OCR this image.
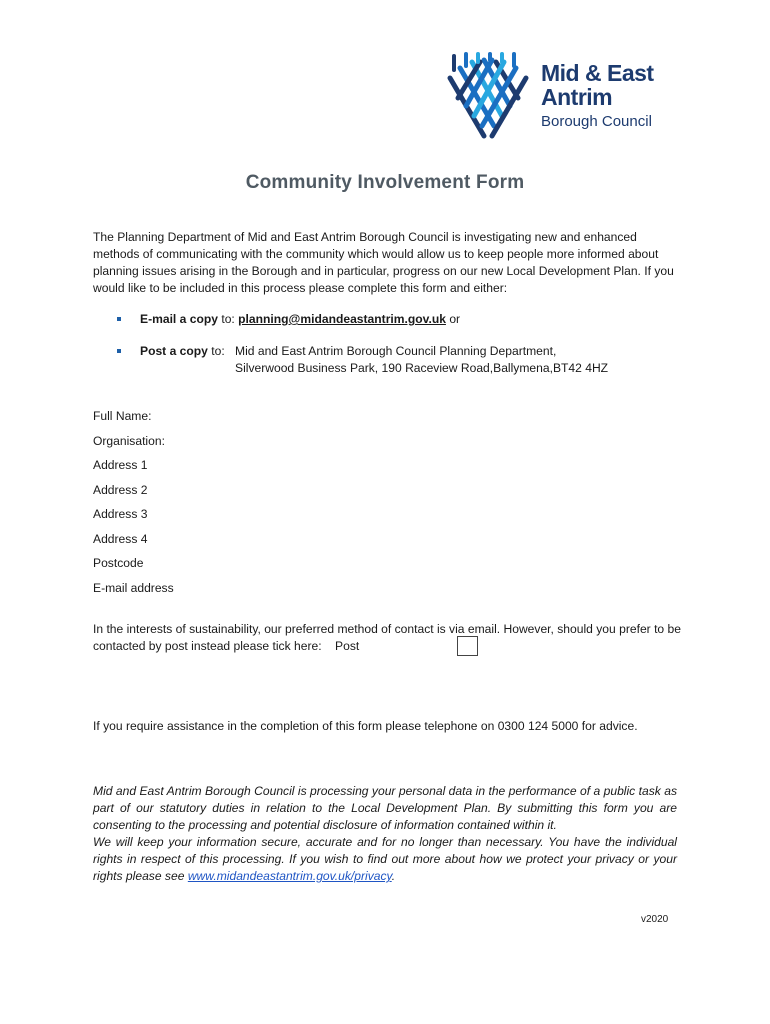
Mid & East
Antrim
Borough Council
Community Involvement Form

The Planning Department of Mid and East Antrim Borough Council is investigating new and enhanced methods of communicating with the community which would allow us to keep people more informed about planning issues arising in the Borough and in particular, progress on our new Local Development Plan. If you would like to be included in this process please complete this form and either:

E-mail a copy to: planning@midandeastantrim.gov.uk or
Post a copy to: Mid and East Antrim Borough Council Planning Department,
Silverwood Business Park, 190 Raceview Road,Ballymena,BT42 4HZ
Full Name:
Organisation:
Address 1
Address 2
Address 3
Address 4
Postcode
E-mail address

In the interests of sustainability, our preferred method of contact is via email. However, should you prefer to be contacted by post instead please tick here: Post

If you require assistance in the completion of this form please telephone on 0300 124 5000 for advice.

Mid and East Antrim Borough Council is processing your personal data in the performance of a public task as part of our statutory duties in relation to the Local Development Plan. By submitting this form you are consenting to the processing and potential disclosure of information contained within it.
We will keep your information secure, accurate and for no longer than necessary. You have the individual rights in respect of this processing. If you wish to find out more about how we protect your privacy or your rights please see www.midandeastantrim.gov.uk/privacy.
v2020
